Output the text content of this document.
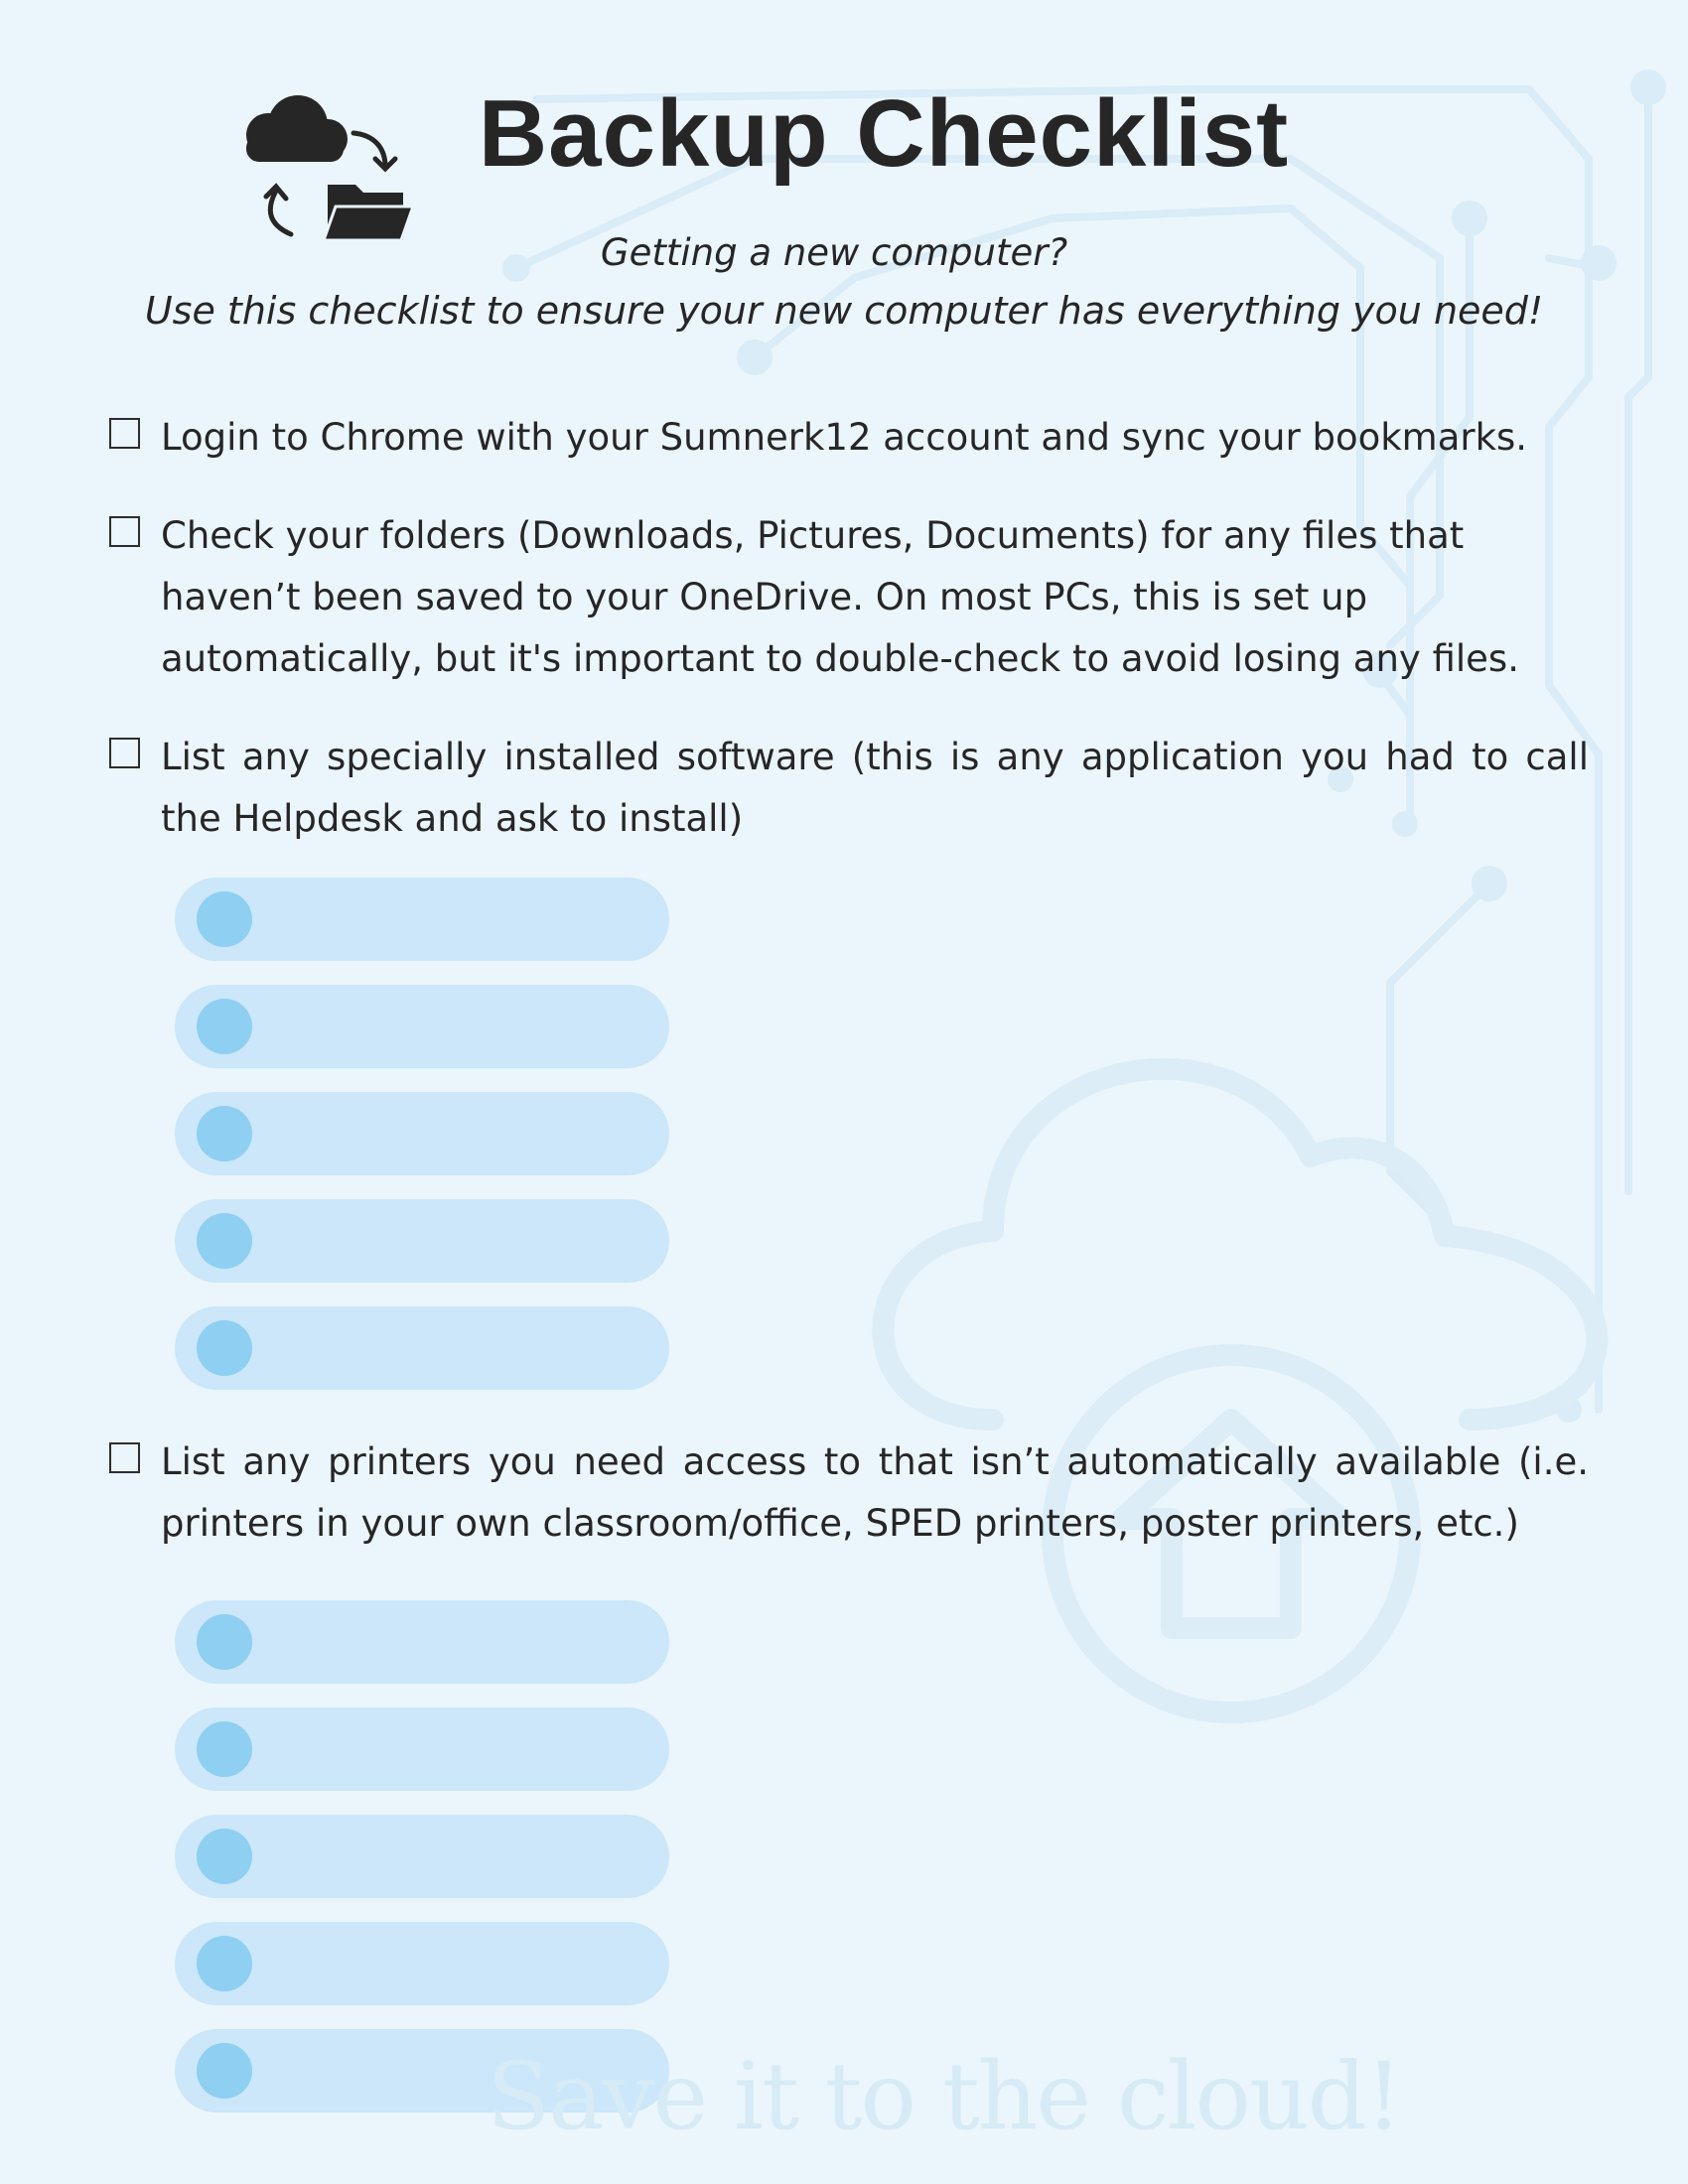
Backup Checklist

Getting a new computer?

Use this checklist to ensure your new computer has everything you need!

Login to Chrome with your Sumnerk12 account and sync your bookmarks.

Check your folders (Downloads, Pictures, Documents) for any files that haven’t been saved to your OneDrive. On most PCs, this is set up automatically, but it's important to double-check to avoid losing any files.

List any specially installed software (this is any application you had to call the Helpdesk and ask to install)

List any printers you need access to that isn’t automatically available (i.e. printers in your own classroom/office, SPED printers, poster printers, etc.)

Save it to the cloud!
